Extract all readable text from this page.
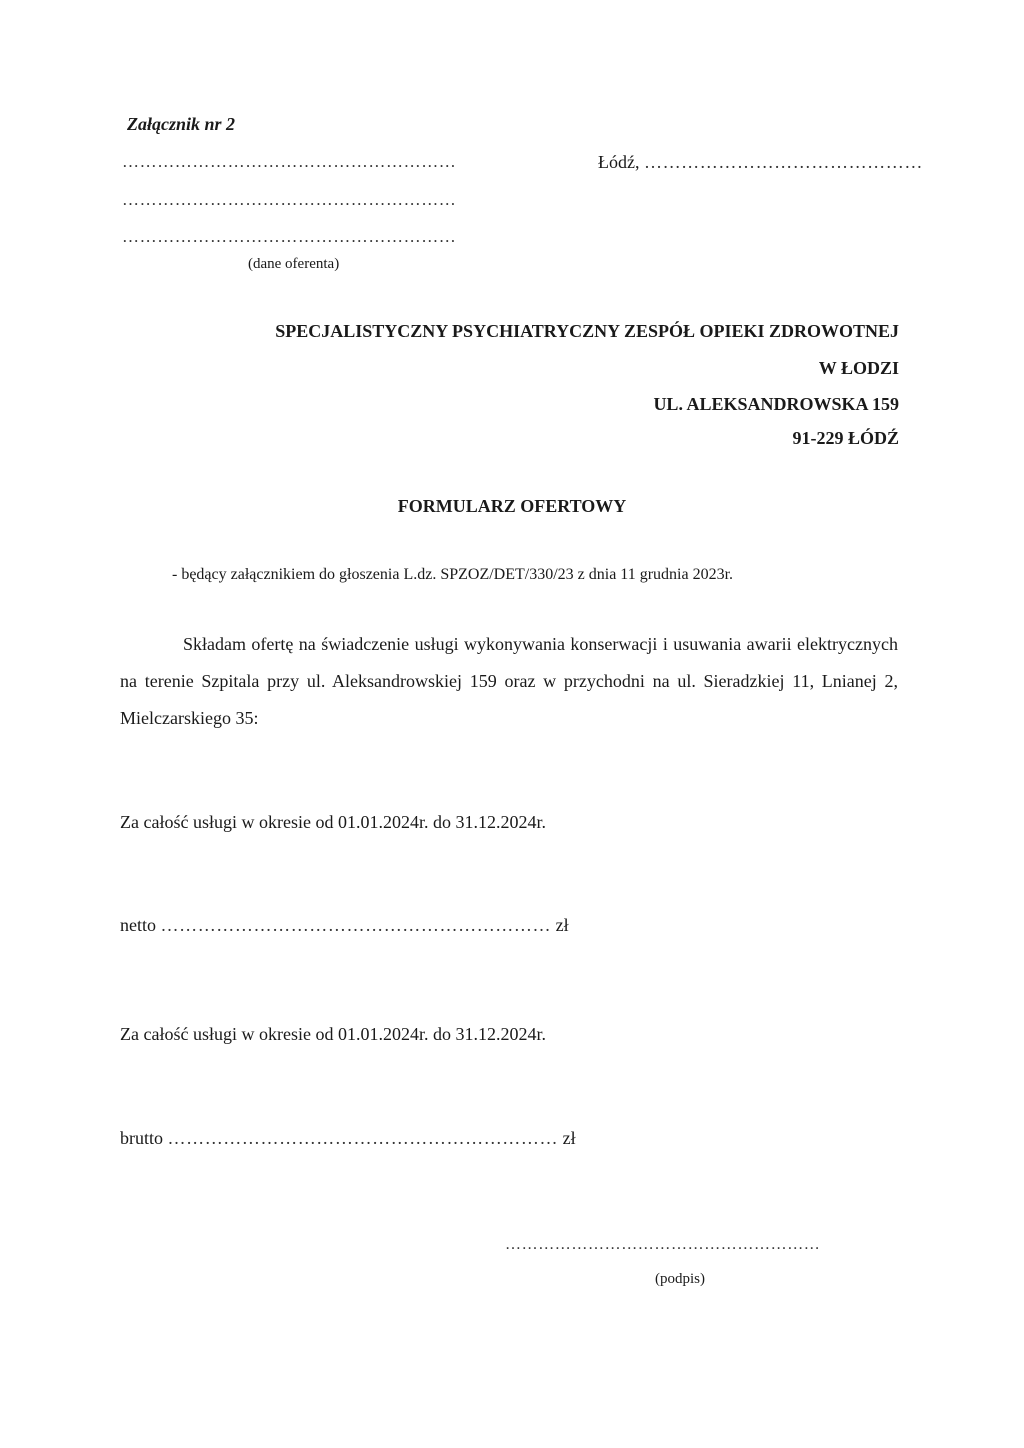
Załącznik nr 2
…………………………………………………
…………………………………………………
…………………………………………………
(dane oferenta)
Łódź, ………………………………………
SPECJALISTYCZNY PSYCHIATRYCZNY ZESPÓŁ OPIEKI ZDROWOTNEJ
W ŁODZI
UL. ALEKSANDROWSKA 159
91-229 ŁÓDŹ
FORMULARZ OFERTOWY
- będący załącznikiem do głoszenia L.dz. SPZOZ/DET/330/23 z dnia 11 grudnia 2023r.
Składam ofertę na świadczenie usługi wykonywania konserwacji i usuwania awarii elektrycznych na terenie Szpitala przy ul. Aleksandrowskiej 159 oraz w przychodni na ul. Sieradzkiej 11, Lnianej 2, Mielczarskiego 35:
Za całość usługi w okresie od 01.01.2024r. do 31.12.2024r.
netto ……………………………………………………… zł
Za całość usługi w okresie od 01.01.2024r. do 31.12.2024r.
brutto ……………………………………………………… zł
…………………………………………………
(podpis)
